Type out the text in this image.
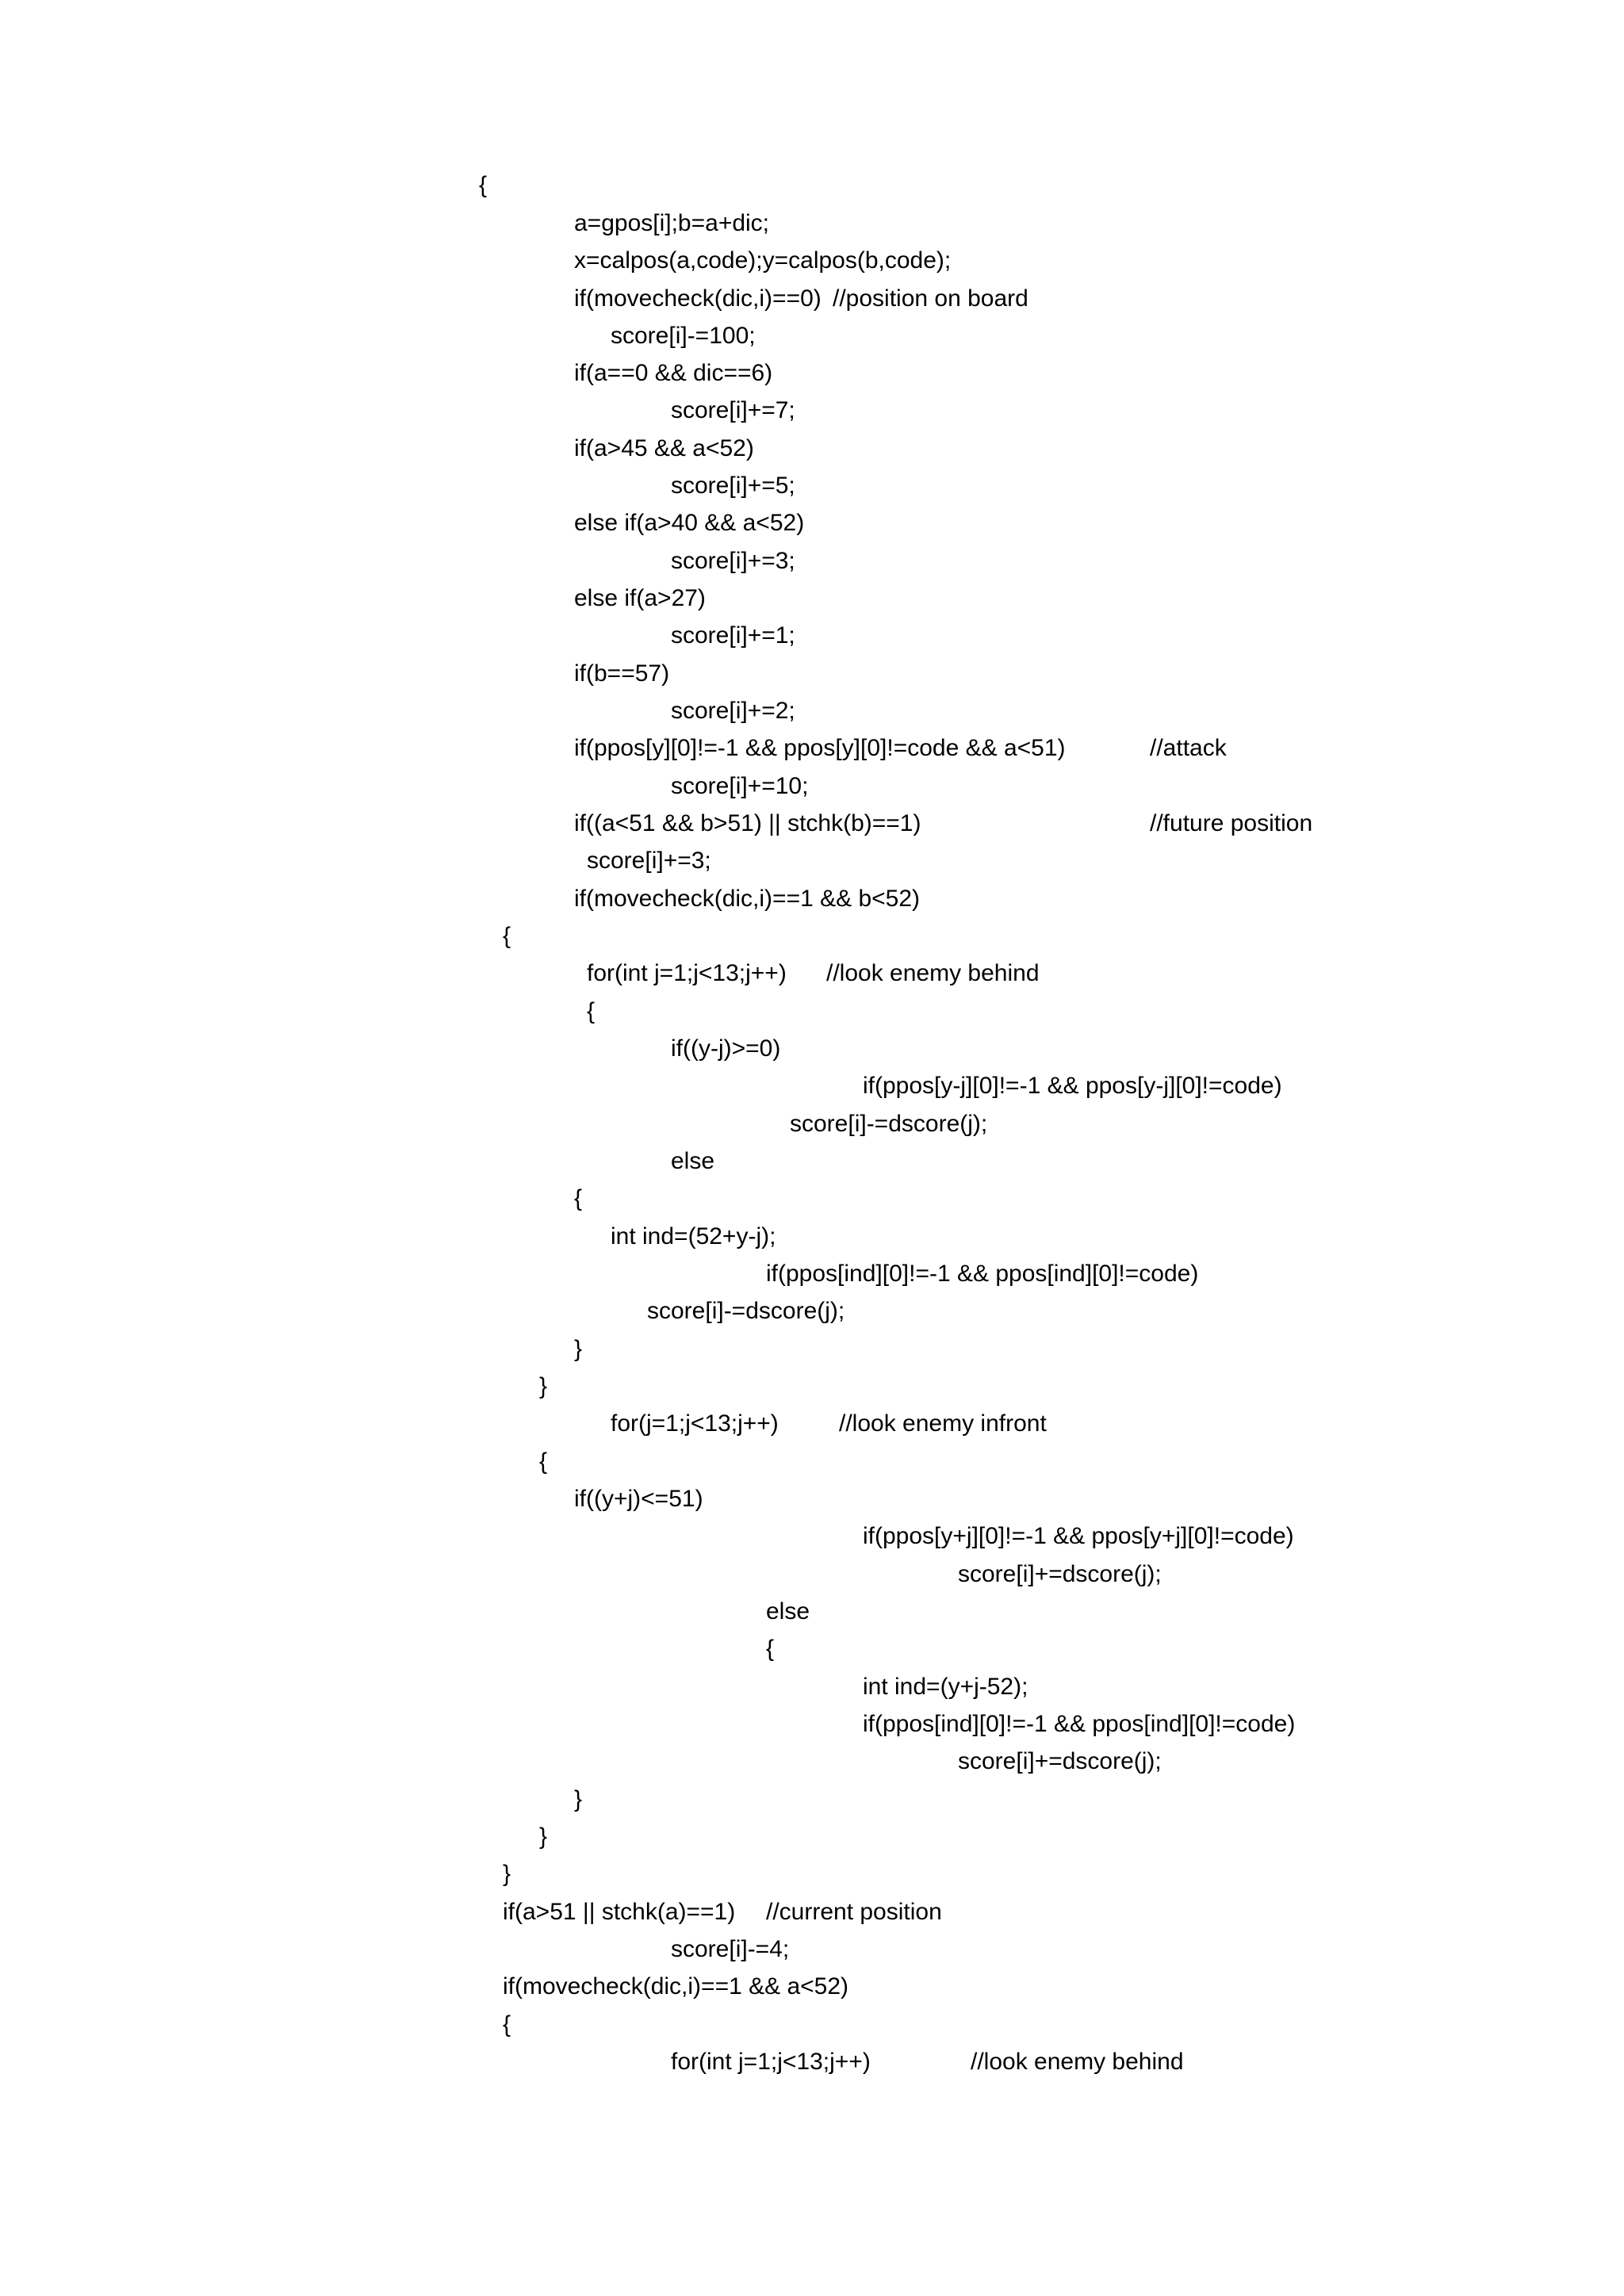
{
a=gpos[i];b=a+dic;
x=calpos(a,code);y=calpos(b,code);
if(movecheck(dic,i)==0) //position on board
score[i]-=100;
if(a==0 && dic==6)
score[i]+=7;
if(a>45 && a<52)
score[i]+=5;
else if(a>40 && a<52)
score[i]+=3;
else if(a>27)
score[i]+=1;
if(b==57)
score[i]+=2;
if(ppos[y][0]!=-1 && ppos[y][0]!=code && a<51)	//attack
score[i]+=10;
if((a<51 && b>51) || stchk(b)==1)	//future position
score[i]+=3;
if(movecheck(dic,i)==1 && b<52)
{
for(int j=1;j<13;j++) //look enemy behind
{
if((y-j)>=0)
if(ppos[y-j][0]!=-1 && ppos[y-j][0]!=code)
score[i]-=dscore(j);
else
{
int ind=(52+y-j);
if(ppos[ind][0]!=-1 && ppos[ind][0]!=code)
score[i]-=dscore(j);
}
}
for(j=1;j<13;j++)	//look enemy infront
{
if((y+j)<=51)
if(ppos[y+j][0]!=-1 && ppos[y+j][0]!=code)
score[i]+=dscore(j);
else
{
int ind=(y+j-52);
if(ppos[ind][0]!=-1 && ppos[ind][0]!=code)
score[i]+=dscore(j);
}
}
}
if(a>51 || stchk(a)==1) //current position
score[i]-=4;
if(movecheck(dic,i)==1 && a<52)
{
for(int j=1;j<13;j++)	//look enemy behind
